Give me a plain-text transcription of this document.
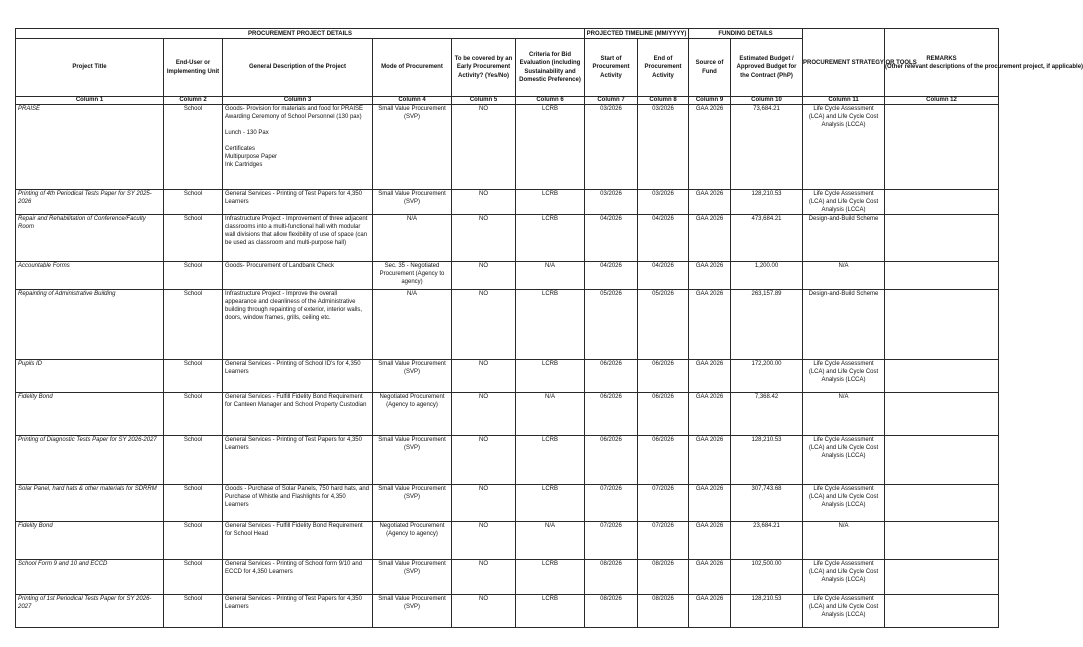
PROCUREMENT PROJECT DETAILS						PROJECTED TIMELINE (MM/YYYY)		FUNDING DETAILS		PROCUREMENT STRATEGY OR TOOLS	REMARKS
(Other relevant descriptions of the procurement project, if applicable)
Project Title	End-User or Implementing Unit	General Description of the Project	Mode of Procurement	To be covered by an Early Procurement Activity? (Yes/No)	Criteria for Bid Evaluation (including Sustainability and Domestic Preference)	Start of Procurement Activity	End of Procurement Activity	Source of Fund	Estimated Budget / Approved Budget for the Contract (PhP)		
Column 1	Column 2	Column 3	Column 4	Column 5	Column 6	Column 7	Column 8	Column 9	Column 10	Column 11	Column 12
PRAISE	School	Goods- Provision for materials and food for PRAISE Awarding Ceremony of School Personnel (130 pax)

Lunch - 130 Pax

Certificates
Multipurpose Paper
Ink Cartridges	Small Value Procurement (SVP)	NO	LCRB	03/2026	03/2026	GAA 2026	73,684.21	Life Cycle Assessment (LCA) and Life Cycle Cost Analysis (LCCA)	
Printing of 4th Periodical Tests Paper for SY 2025-2026	School	General Services - Printing of Test Papers for 4,350 Learners	Small Value Procurement (SVP)	NO	LCRB	03/2026	03/2026	GAA 2026	128,210.53	Life Cycle Assessment (LCA) and Life Cycle Cost Analysis (LCCA)	
Repair and Rehabilitation of Conference/Faculty Room	School	Infrastructure Project - Improvement of three adjacent classrooms into a multi-functional hall with modular wall divisions that allow flexibility of use of space (can be used as classroom and multi-purpose hall)	N/A	NO	LCRB	04/2026	04/2026	GAA 2026	473,684.21	Design-and-Build Scheme	
Accountable Forms	School	Goods- Procurement of Landbank Check	Sec. 35 - Negotiated Procurement (Agency to agency)	NO	N/A	04/2026	04/2026	GAA 2026	1,200.00	N/A	
Repainting of Administrative Building	School	Infrastructure Project - Improve the overall appearance and cleanliness of the Administrative building through repainting of exterior, interior walls, doors, window frames, grills, ceiling etc.	N/A	NO	LCRB	05/2026	05/2026	GAA 2026	263,157.89	Design-and-Build Scheme	
Pupils ID	School	General Services - Printing of School ID's for 4,350 Learners	Small Value Procurement (SVP)	NO	LCRB	06/2026	06/2026	GAA 2026	172,200.00	Life Cycle Assessment (LCA) and Life Cycle Cost Analysis (LCCA)	
Fidelity Bond	School	General Services - Fulfill Fidelity Bond Requirement for Canteen Manager and School Property Custodian	Negotiated Procurement (Agency to agency)	NO	N/A	06/2026	06/2026	GAA 2026	7,368.42	N/A	
Printing of Diagnostic Tests Paper for SY 2026-2027	School	General Services - Printing of Test Papers for 4,350 Learners	Small Value Procurement (SVP)	NO	LCRB	06/2026	06/2026	GAA 2026	128,210.53	Life Cycle Assessment (LCA) and Life Cycle Cost Analysis (LCCA)	
Solar Panel, hard hats & other materials for SDRRM	School	Goods - Purchase of Solar Panels, 750 hard hats, and Purchase of Whistle and Flashlights for 4,350 Learners	Small Value Procurement (SVP)	NO	LCRB	07/2026	07/2026	GAA 2026	307,743.68	Life Cycle Assessment (LCA) and Life Cycle Cost Analysis (LCCA)	
Fidelity Bond	School	General Services - Fulfill Fidelity Bond Requirement for School Head	Negotiated Procurement (Agency to agency)	NO	N/A	07/2026	07/2026	GAA 2026	23,684.21	N/A	
School Form 9 and 10 and ECCD	School	General Services - Printing of School form 9/10 and ECCD for 4,350 Learners	Small Value Procurement (SVP)	NO	LCRB	08/2026	08/2026	GAA 2026	102,500.00	Life Cycle Assessment (LCA) and Life Cycle Cost Analysis (LCCA)	
Printing of 1st Periodical Tests Paper for SY 2026-2027	School	General Services - Printing of Test Papers for 4,350 Learners	Small Value Procurement (SVP)	NO	LCRB	08/2026	08/2026	GAA 2026	128,210.53	Life Cycle Assessment (LCA) and Life Cycle Cost Analysis (LCCA)	
